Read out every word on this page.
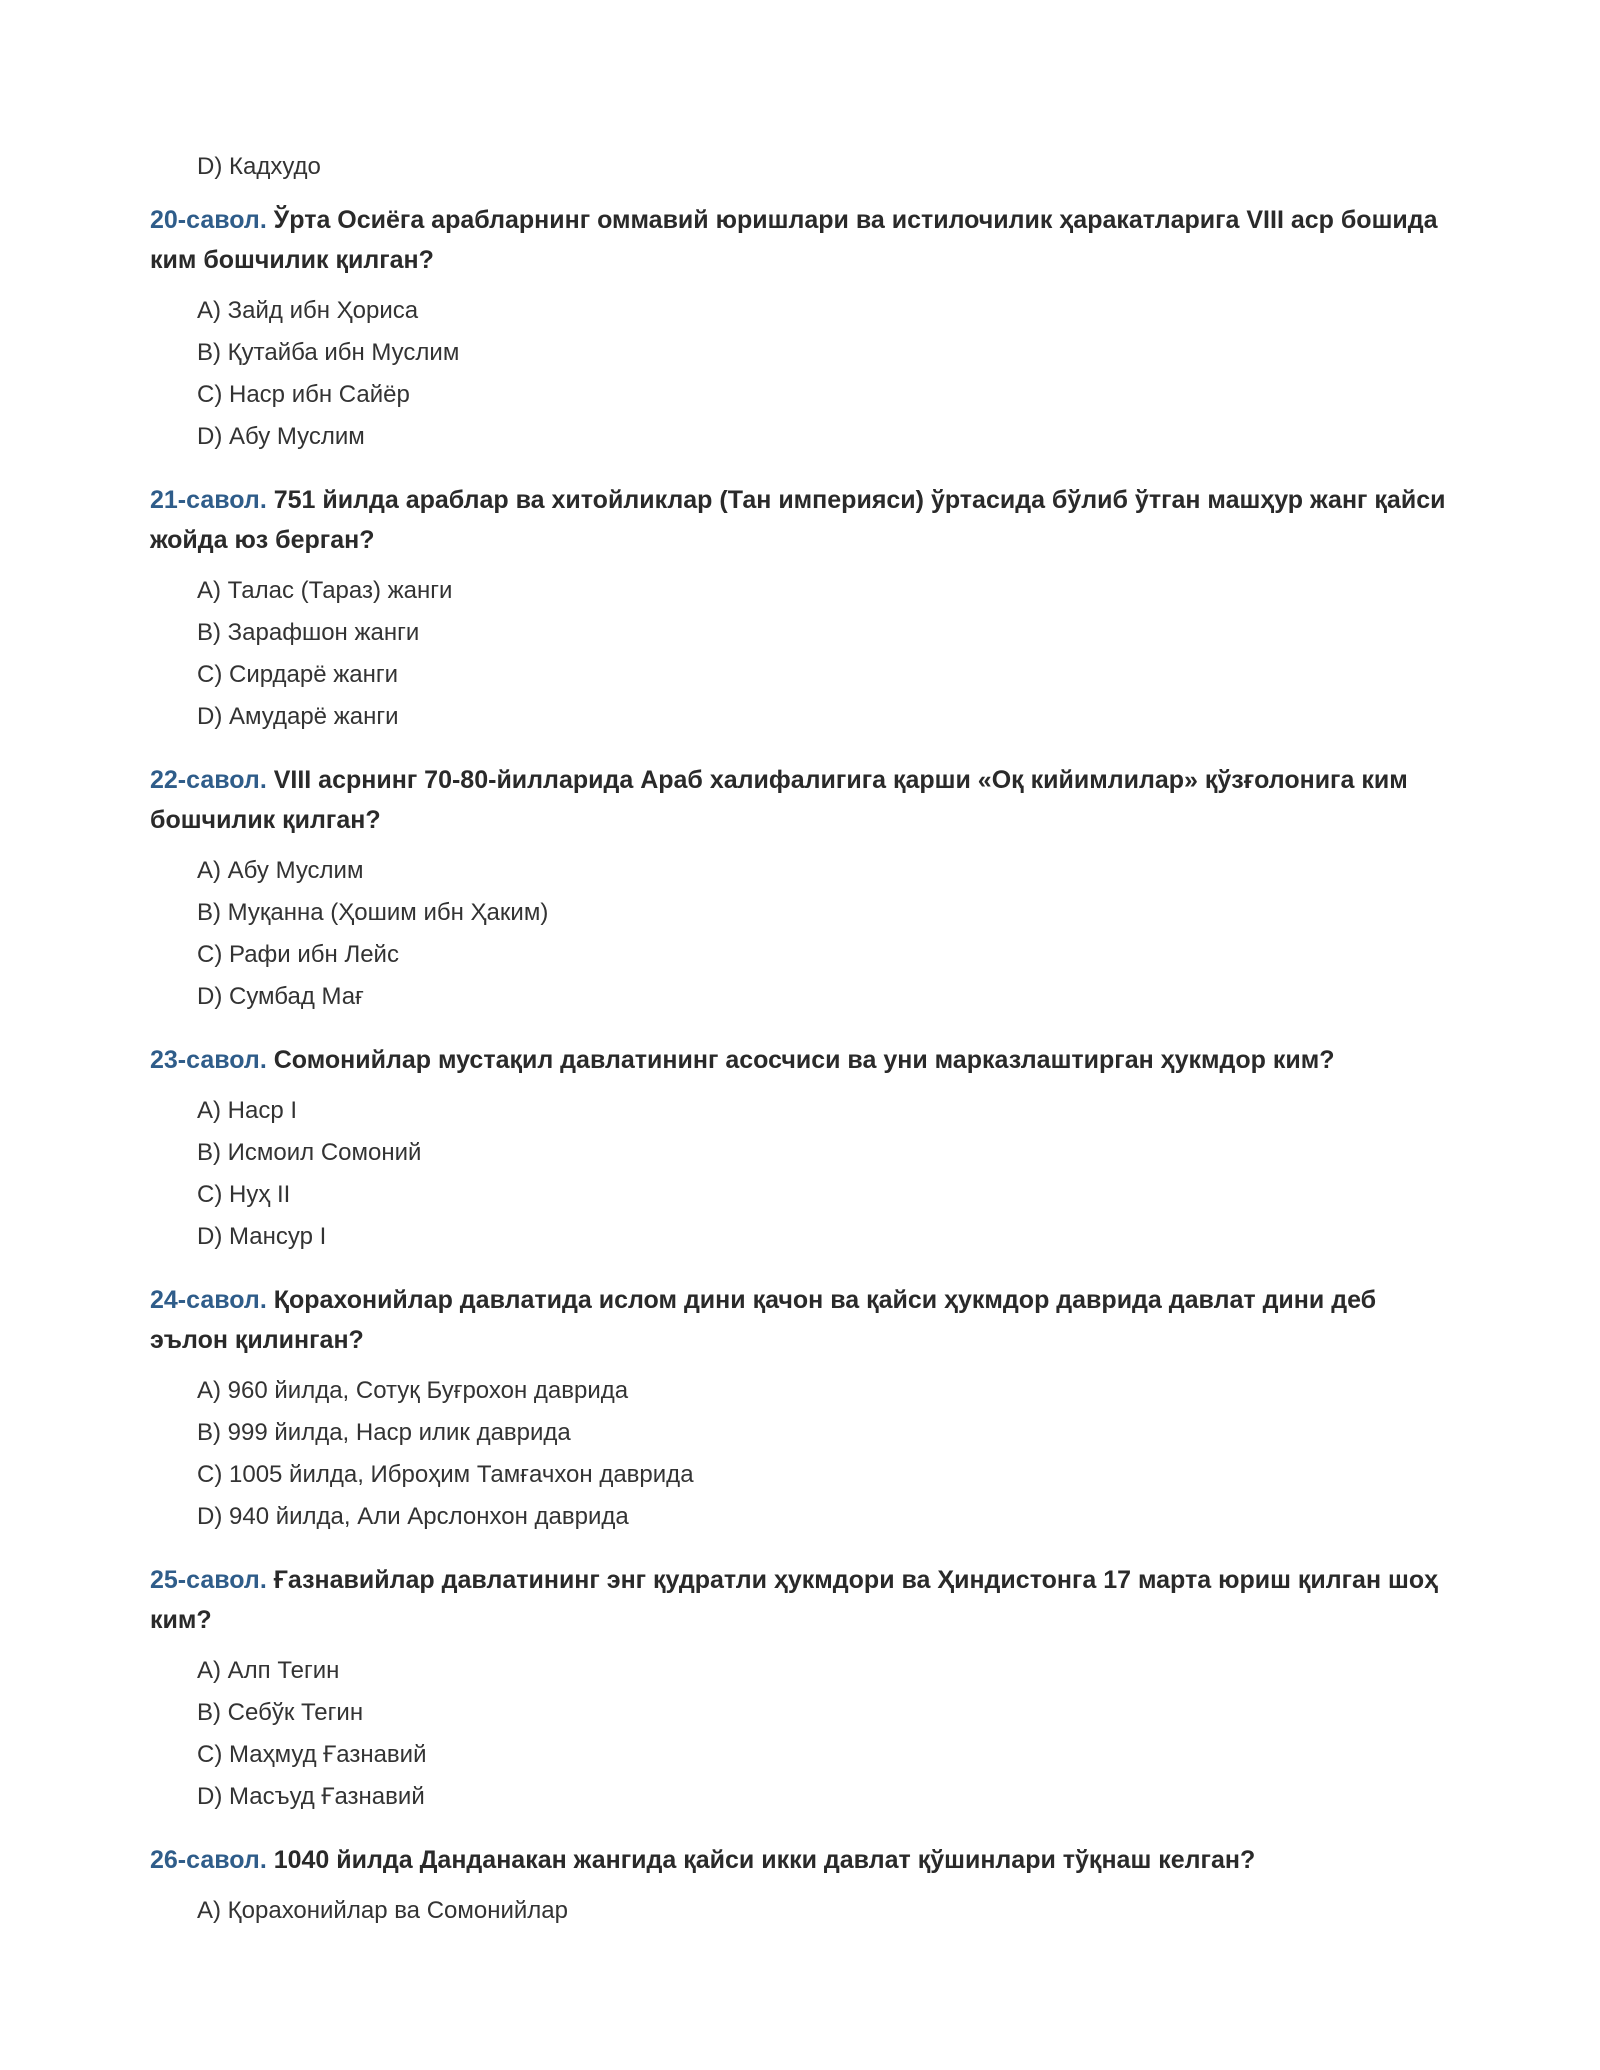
D) Кадхудо

20-савол. Ўрта Осиёга арабларнинг оммавий юришлари ва истилочилик ҳаракатларига VIII аср бошида ким бошчилик қилган?

A) Зайд ибн Ҳориса
B) Қутайба ибн Муслим
C) Наср ибн Сайёр
D) Абу Муслим

21-савол. 751 йилда араблар ва хитойликлар (Тан империяси) ўртасида бўлиб ўтган машҳур жанг қайси жойда юз берган?

A) Талас (Тараз) жанги
B) Зарафшон жанги
C) Сирдарё жанги
D) Амударё жанги

22-савол. VIII асрнинг 70-80-йилларида Араб халифалигига қарши «Оқ кийимлилар» қўзғолонига ким бошчилик қилган?

A) Абу Муслим
B) Муқанна (Ҳошим ибн Ҳаким)
C) Рафи ибн Лейс
D) Сумбад Мағ

23-савол. Сомонийлар мустақил давлатининг асосчиси ва уни марказлаштирган ҳукмдор ким?

A) Наср I
B) Исмоил Сомоний
C) Нуҳ II
D) Мансур I

24-савол. Қорахонийлар давлатида ислом дини қачон ва қайси ҳукмдор даврида давлат дини деб эълон қилинган?

A) 960 йилда, Сотуқ Буғрохон даврида
B) 999 йилда, Наср илик даврида
C) 1005 йилда, Иброҳим Тамғачхон даврида
D) 940 йилда, Али Арслонхон даврида

25-савол. Ғазнавийлар давлатининг энг қудратли ҳукмдори ва Ҳиндистонга 17 марта юриш қилган шоҳ ким?

A) Алп Тегин
B) Себўк Тегин
C) Маҳмуд Ғазнавий
D) Масъуд Ғазнавий

26-савол. 1040 йилда Данданакан жангида қайси икки давлат қўшинлари тўқнаш келган?

A) Қорахонийлар ва Сомонийлар
